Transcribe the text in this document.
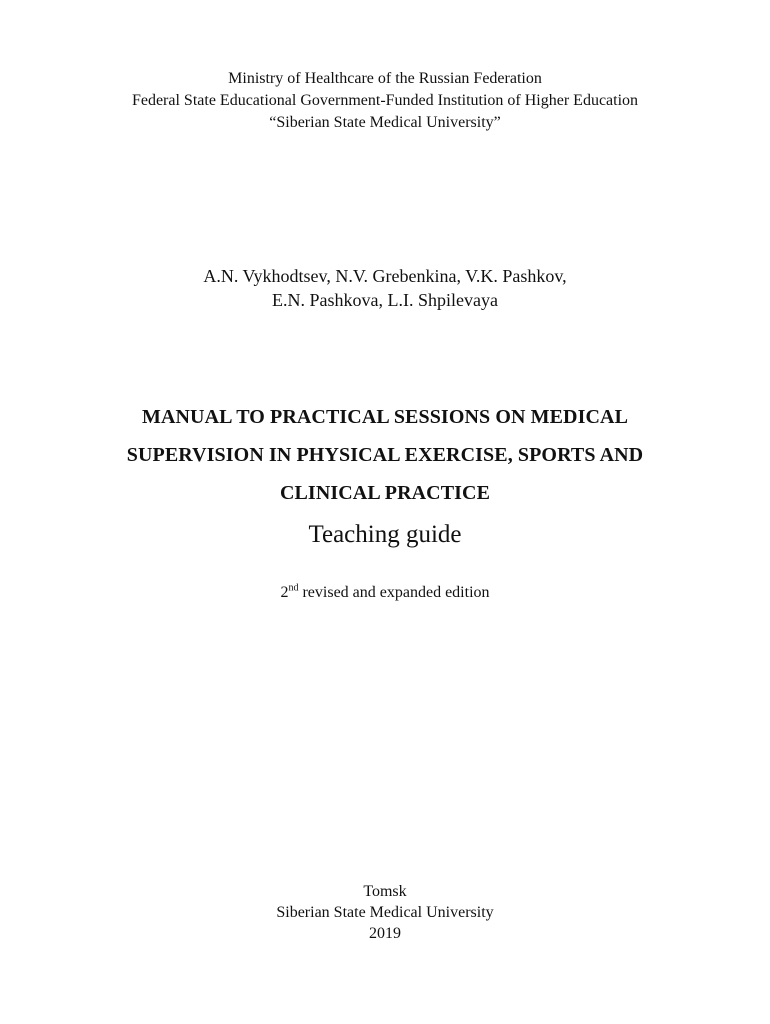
Ministry of Healthcare of the Russian Federation

Federal State Educational Government-Funded Institution of Higher Education

“Siberian State Medical University”

A.N. Vykhodtsev, N.V. Grebenkina, V.K. Pashkov,

E.N. Pashkova, L.I. Shpilevaya

MANUAL TO PRACTICAL SESSIONS ON MEDICAL

SUPERVISION IN PHYSICAL EXERCISE, SPORTS AND

CLINICAL PRACTICE

Teaching guide

2nd revised and expanded edition

Tomsk

Siberian State Medical University

2019
